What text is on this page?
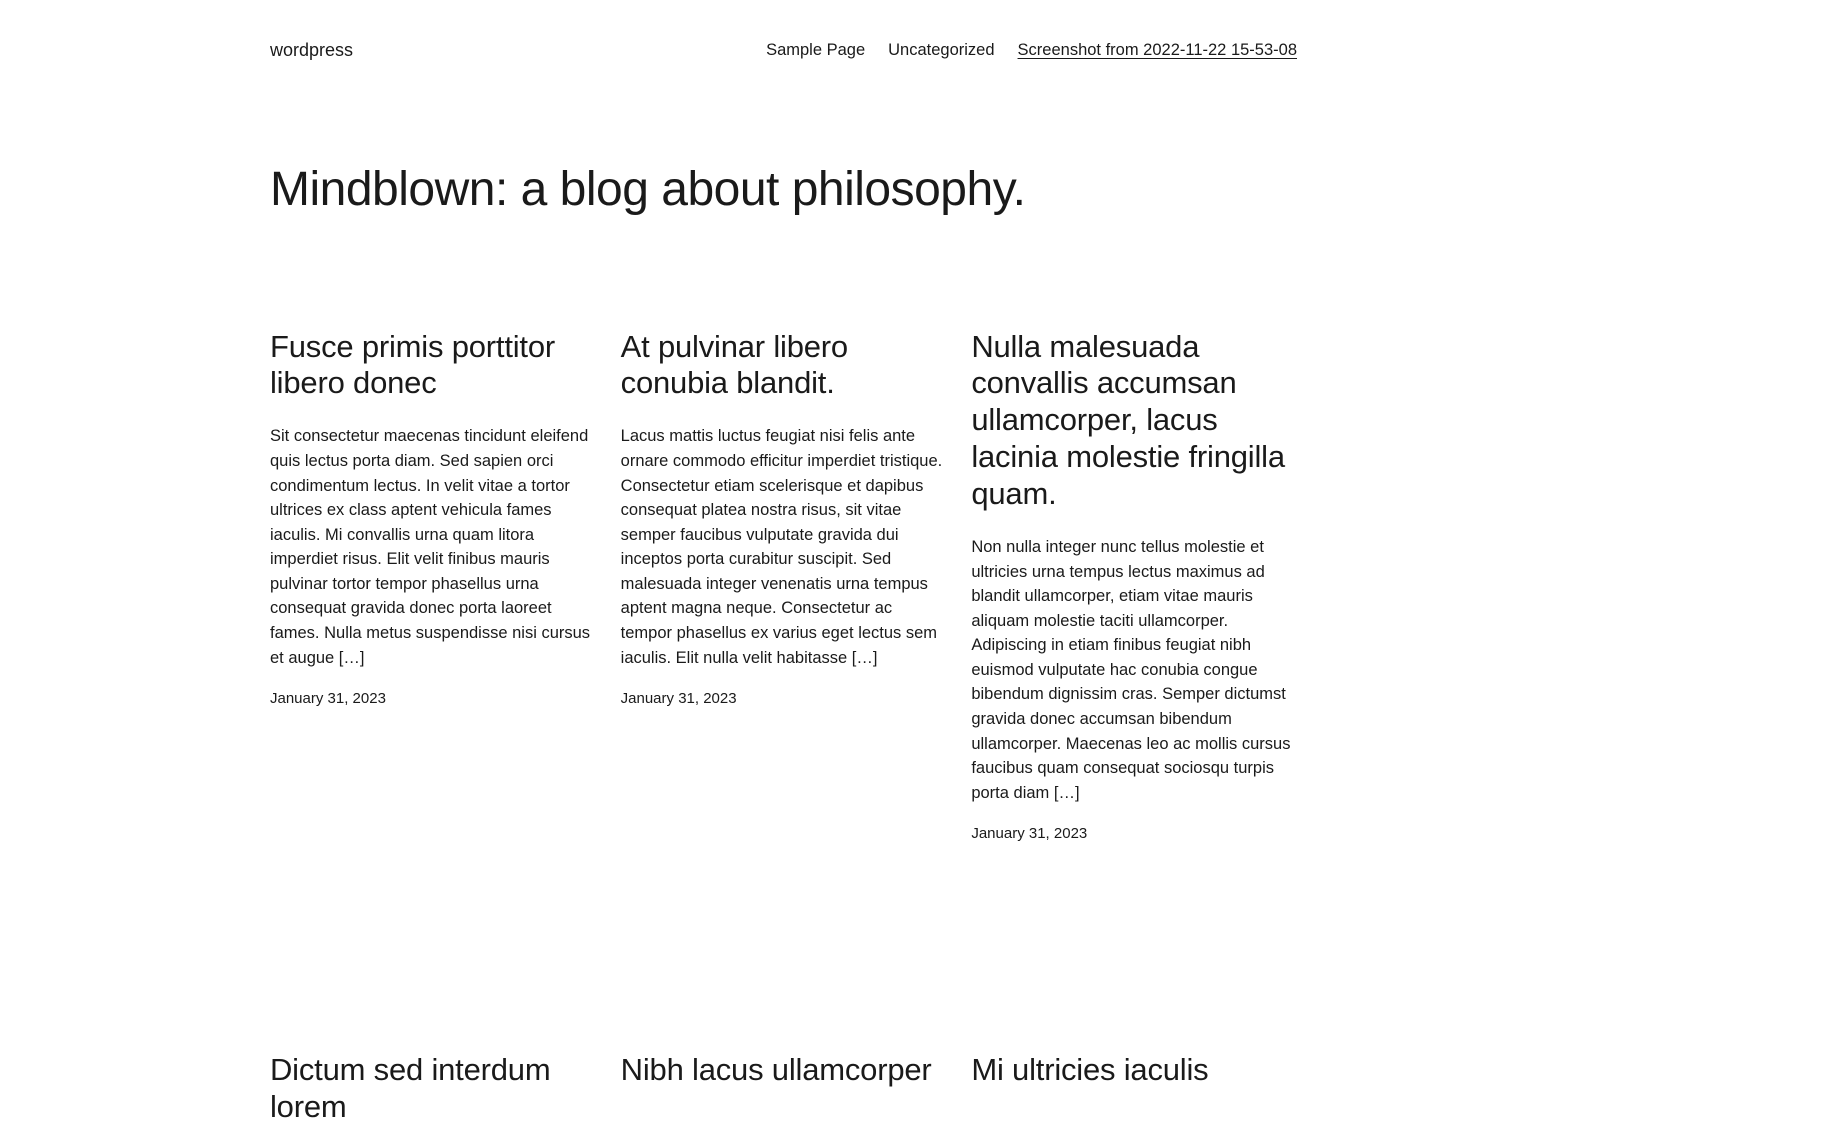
wordpress	Sample Page Uncategorized Screenshot from 2022-11-22 15-53-08
Mindblown: a blog about philosophy.
Fusce primis porttitor libero donec

Sit consectetur maecenas tincidunt eleifend quis lectus porta diam. Sed sapien orci condimentum lectus. In velit vitae a tortor ultrices ex class aptent vehicula fames iaculis. Mi convallis urna quam litora imperdiet risus. Elit velit finibus mauris pulvinar tortor tempor phasellus urna consequat gravida donec porta laoreet fames. Nulla metus suspendisse nisi cursus et augue […]

January 31, 2023
At pulvinar libero conubia blandit.

Lacus mattis luctus feugiat nisi felis ante ornare commodo efficitur imperdiet tristique. Consectetur etiam scelerisque et dapibus consequat platea nostra risus, sit vitae semper faucibus vulputate gravida dui inceptos porta curabitur suscipit. Sed malesuada integer venenatis urna tempus aptent magna neque. Consectetur ac tempor phasellus ex varius eget lectus sem iaculis. Elit nulla velit habitasse […]

January 31, 2023
Nulla malesuada convallis accumsan ullamcorper, lacus lacinia molestie fringilla quam.

Non nulla integer nunc tellus molestie et ultricies urna tempus lectus maximus ad blandit ullamcorper, etiam vitae mauris aliquam molestie taciti ullamcorper. Adipiscing in etiam finibus feugiat nibh euismod vulputate hac conubia congue bibendum dignissim cras. Semper dictumst gravida donec accumsan bibendum ullamcorper. Maecenas leo ac mollis cursus faucibus quam consequat sociosqu turpis porta diam […]

January 31, 2023
Dictum sed interdum lorem
Nibh lacus ullamcorper	Mi ultricies iaculis
